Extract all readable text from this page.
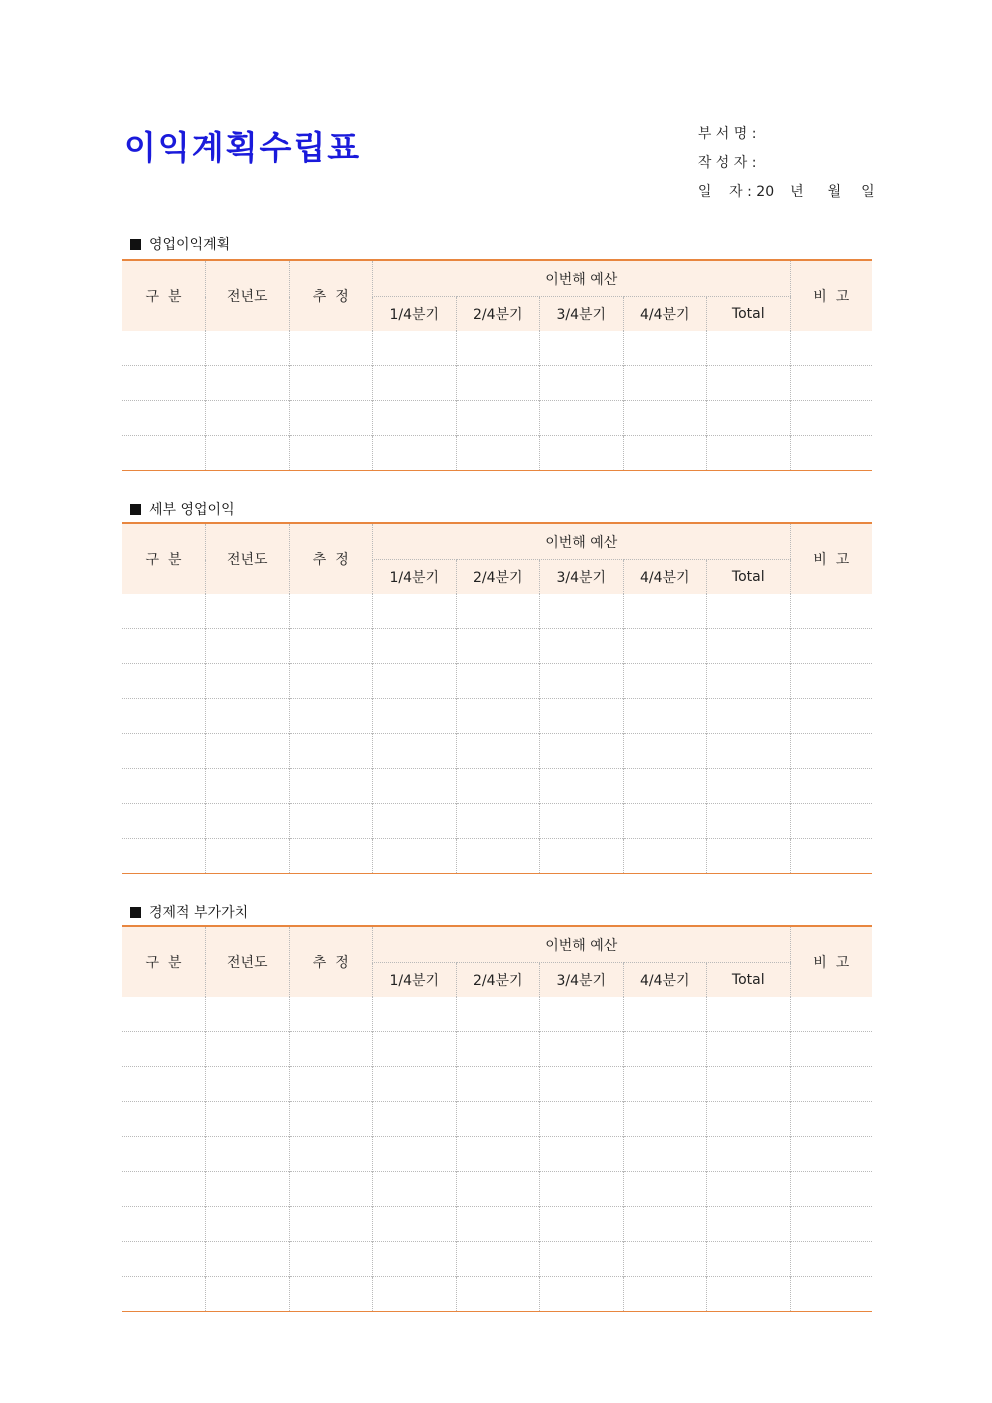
이익계획수립표	부 서 명 :

작 성 자 :

일    자 : 20 년 월 일

영업이익계획
구  분	전년도	추  정	이번해 예산					비  고
			1/4분기	2/4분기	3/4분기	4/4분기	Total	

세부 영업이익
구  분	전년도	추  정	이번해 예산					비  고
			1/4분기	2/4분기	3/4분기	4/4분기	Total	

경제적 부가가치
구  분	전년도	추  정	이번해 예산					비  고
			1/4분기	2/4분기	3/4분기	4/4분기	Total	
